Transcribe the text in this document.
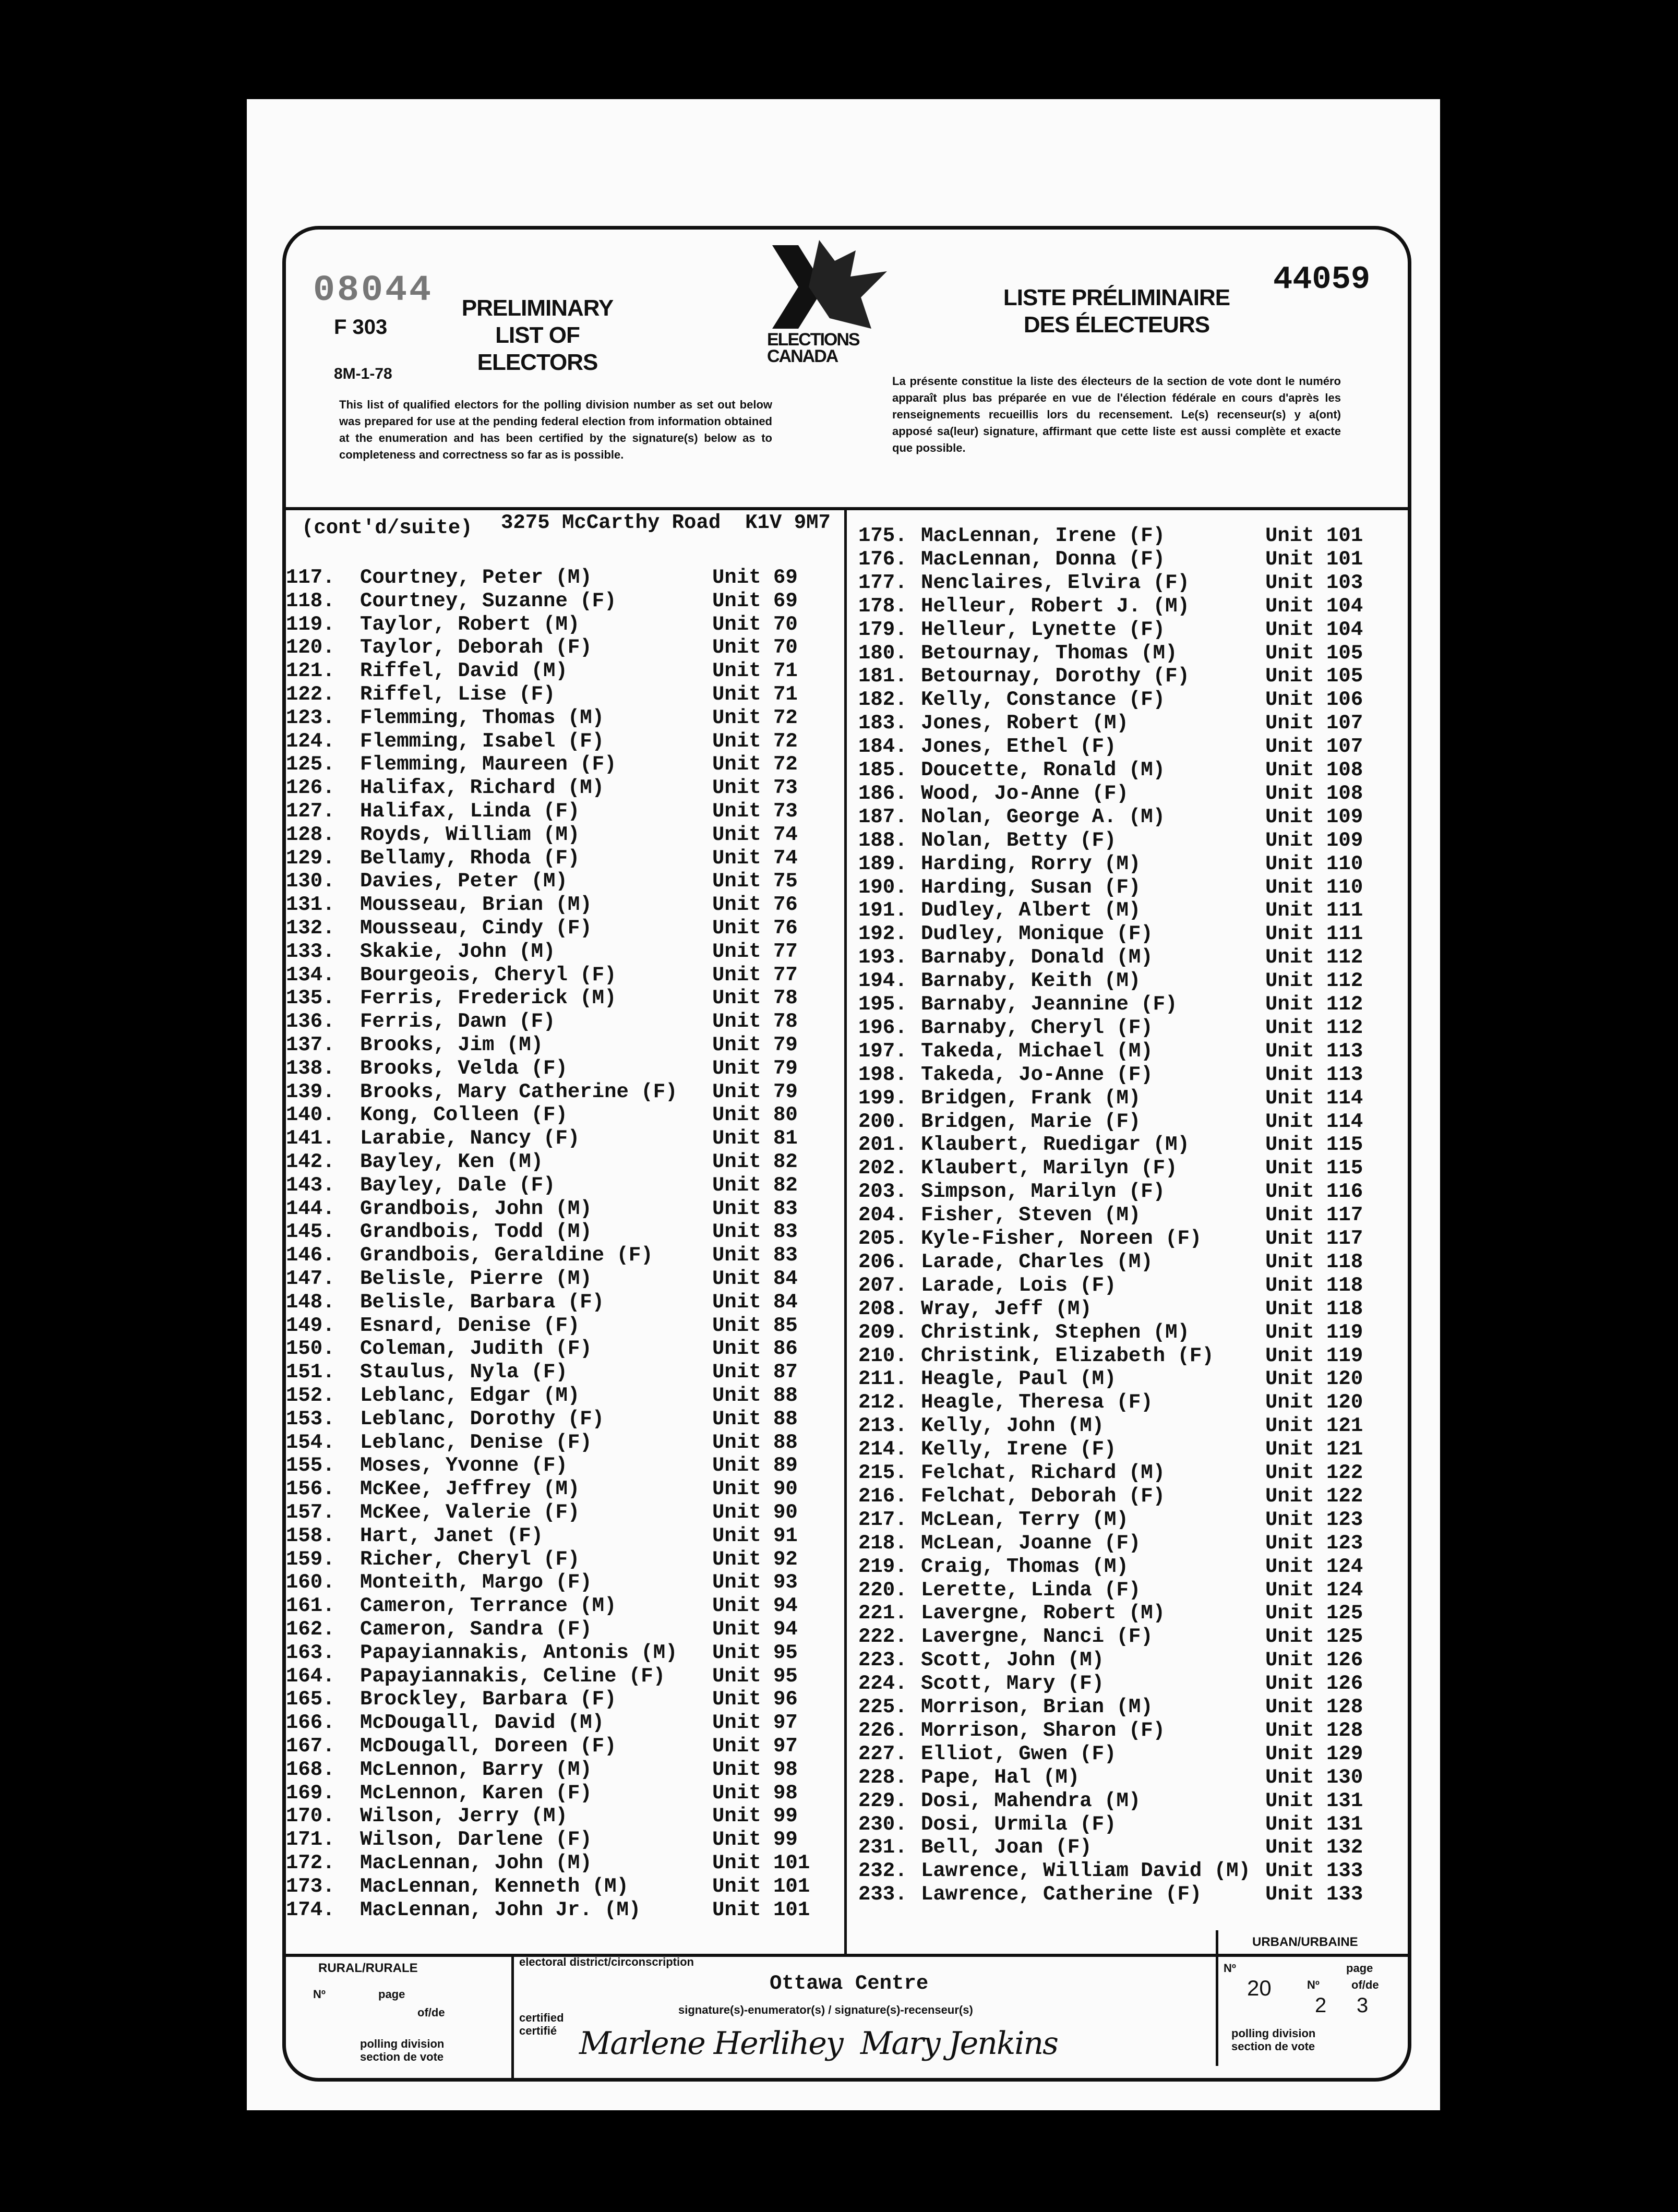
08044
F 303
8M-1-78
PRELIMINARY LIST OF ELECTORS
LISTE PRÉLIMINAIRE DES ÉLECTEURS
44059
ELECTIONS CANADA
This list of qualified electors for the polling division number as set out below was prepared for use at the pending federal election from information obtained at the enumeration and has been certified by the signature(s) below as to completeness and correctness so far as is possible.
La présente constitue la liste des électeurs de la section de vote dont le numéro apparaît plus bas préparée en vue de l'élection fédérale en cours d'après les renseignements recueillis lors du recensement. Le(s) recenseur(s) y a(ont) apposé sa(leur) signature, affirmant que cette liste est aussi complète et exacte que possible.
(cont'd/suite) 3275 McCarthy Road  K1V 9M7
117. Courtney, Peter (M)	Unit 69
118. Courtney, Suzanne (F)	Unit 69
119. Taylor, Robert (M)	Unit 70
120. Taylor, Deborah (F)	Unit 70
121. Riffel, David (M)	Unit 71
122. Riffel, Lise (F)	Unit 71
123. Flemming, Thomas (M)	Unit 72
124. Flemming, Isabel (F)	Unit 72
125. Flemming, Maureen (F)	Unit 72
126. Halifax, Richard (M)	Unit 73
127. Halifax, Linda (F)	Unit 73
128. Royds, William (M)	Unit 74
129. Bellamy, Rhoda (F)	Unit 74
130. Davies, Peter (M)	Unit 75
131. Mousseau, Brian (M)	Unit 76
132. Mousseau, Cindy (F)	Unit 76
133. Skakie, John (M)	Unit 77
134. Bourgeois, Cheryl (F)	Unit 77
135. Ferris, Frederick (M)	Unit 78
136. Ferris, Dawn (F)	Unit 78
137. Brooks, Jim (M)	Unit 79
138. Brooks, Velda (F)	Unit 79
139. Brooks, Mary Catherine (F) Unit 79
140. Kong, Colleen (F)	Unit 80
141. Larabie, Nancy (F)	Unit 81
142. Bayley, Ken (M)	Unit 82
143. Bayley, Dale (F)	Unit 82
144. Grandbois, John (M)	Unit 83
145. Grandbois, Todd (M)	Unit 83
146. Grandbois, Geraldine (F)	Unit 83
147. Belisle, Pierre (M)	Unit 84
148. Belisle, Barbara (F)	Unit 84
149. Esnard, Denise (F)	Unit 85
150. Coleman, Judith (F)	Unit 86
151. Staulus, Nyla (F)	Unit 87
152. Leblanc, Edgar (M)	Unit 88
153. Leblanc, Dorothy (F)	Unit 88
154. Leblanc, Denise (F)	Unit 88
155. Moses, Yvonne (F)	Unit 89
156. McKee, Jeffrey (M)	Unit 90
157. McKee, Valerie (F)	Unit 90
158. Hart, Janet (F)	Unit 91
159. Richer, Cheryl (F)	Unit 92
160. Monteith, Margo (F)	Unit 93
161. Cameron, Terrance (M)	Unit 94
162. Cameron, Sandra (F)	Unit 94
163. Papayiannakis, Antonis (M) Unit 95
164. Papayiannakis, Celine (F) Unit 95
165. Brockley, Barbara (F)	Unit 96
166. McDougall, David (M)	Unit 97
167. McDougall, Doreen (F)	Unit 97
168. McLennon, Barry (M)	Unit 98
169. McLennon, Karen (F)	Unit 98
170. Wilson, Jerry (M)	Unit 99
171. Wilson, Darlene (F)	Unit 99
172. MacLennan, John (M)	Unit 101
173. MacLennan, Kenneth (M)	Unit 101
174. MacLennan, John Jr. (M)	Unit 101
175. MacLennan, Irene (F)	Unit 101
176. MacLennan, Donna (F)	Unit 101
177. Nenclaires, Elvira (F)	Unit 103
178. Helleur, Robert J. (M)	Unit 104
179. Helleur, Lynette (F)	Unit 104
180. Betournay, Thomas (M)	Unit 105
181. Betournay, Dorothy (F)	Unit 105
182. Kelly, Constance (F)	Unit 106
183. Jones, Robert (M)	Unit 107
184. Jones, Ethel (F)	Unit 107
185. Doucette, Ronald (M)	Unit 108
186. Wood, Jo-Anne (F)	Unit 108
187. Nolan, George A. (M)	Unit 109
188. Nolan, Betty (F)	Unit 109
189. Harding, Rorry (M)	Unit 110
190. Harding, Susan (F)	Unit 110
191. Dudley, Albert (M)	Unit 111
192. Dudley, Monique (F)	Unit 111
193. Barnaby, Donald (M)	Unit 112
194. Barnaby, Keith (M)	Unit 112
195. Barnaby, Jeannine (F)	Unit 112
196. Barnaby, Cheryl (F)	Unit 112
197. Takeda, Michael (M)	Unit 113
198. Takeda, Jo-Anne (F)	Unit 113
199. Bridgen, Frank (M)	Unit 114
200. Bridgen, Marie (F)	Unit 114
201. Klaubert, Ruedigar (M)	Unit 115
202. Klaubert, Marilyn (F)	Unit 115
203. Simpson, Marilyn (F)	Unit 116
204. Fisher, Steven (M)	Unit 117
205. Kyle-Fisher, Noreen (F)	Unit 117
206. Larade, Charles (M)	Unit 118
207. Larade, Lois (F)	Unit 118
208. Wray, Jeff (M)	Unit 118
209. Christink, Stephen (M)	Unit 119
210. Christink, Elizabeth (F)	Unit 119
211. Heagle, Paul (M)	Unit 120
212. Heagle, Theresa (F)	Unit 120
213. Kelly, John (M)	Unit 121
214. Kelly, Irene (F)	Unit 121
215. Felchat, Richard (M)	Unit 122
216. Felchat, Deborah (F)	Unit 122
217. McLean, Terry (M)	Unit 123
218. McLean, Joanne (F)	Unit 123
219. Craig, Thomas (M)	Unit 124
220. Lerette, Linda (F)	Unit 124
221. Lavergne, Robert (M)	Unit 125
222. Lavergne, Nanci (F)	Unit 125
223. Scott, John (M)	Unit 126
224. Scott, Mary (F)	Unit 126
225. Morrison, Brian (M)	Unit 128
226. Morrison, Sharon (F)	Unit 128
227. Elliot, Gwen (F)	Unit 129
228. Pape, Hal (M)	Unit 130
229. Dosi, Mahendra (M)	Unit 131
230. Dosi, Urmila (F)	Unit 131
231. Bell, Joan (F)	Unit 132
232. Lawrence, William David (M) Unit 133
233. Lawrence, Catherine (F)	Unit 133
RURAL/RURALE
Nº	page
of/de
polling division section de vote
electoral district/circonscription
Ottawa Centre
certified certifié
signature(s)-enumerator(s) / signature(s)-recenseur(s)
Marlene Herlihey  Mary Jenkins
URBAN/URBAINE
Nº
20
page
Nº	of/de
2 3
polling division section de vote
